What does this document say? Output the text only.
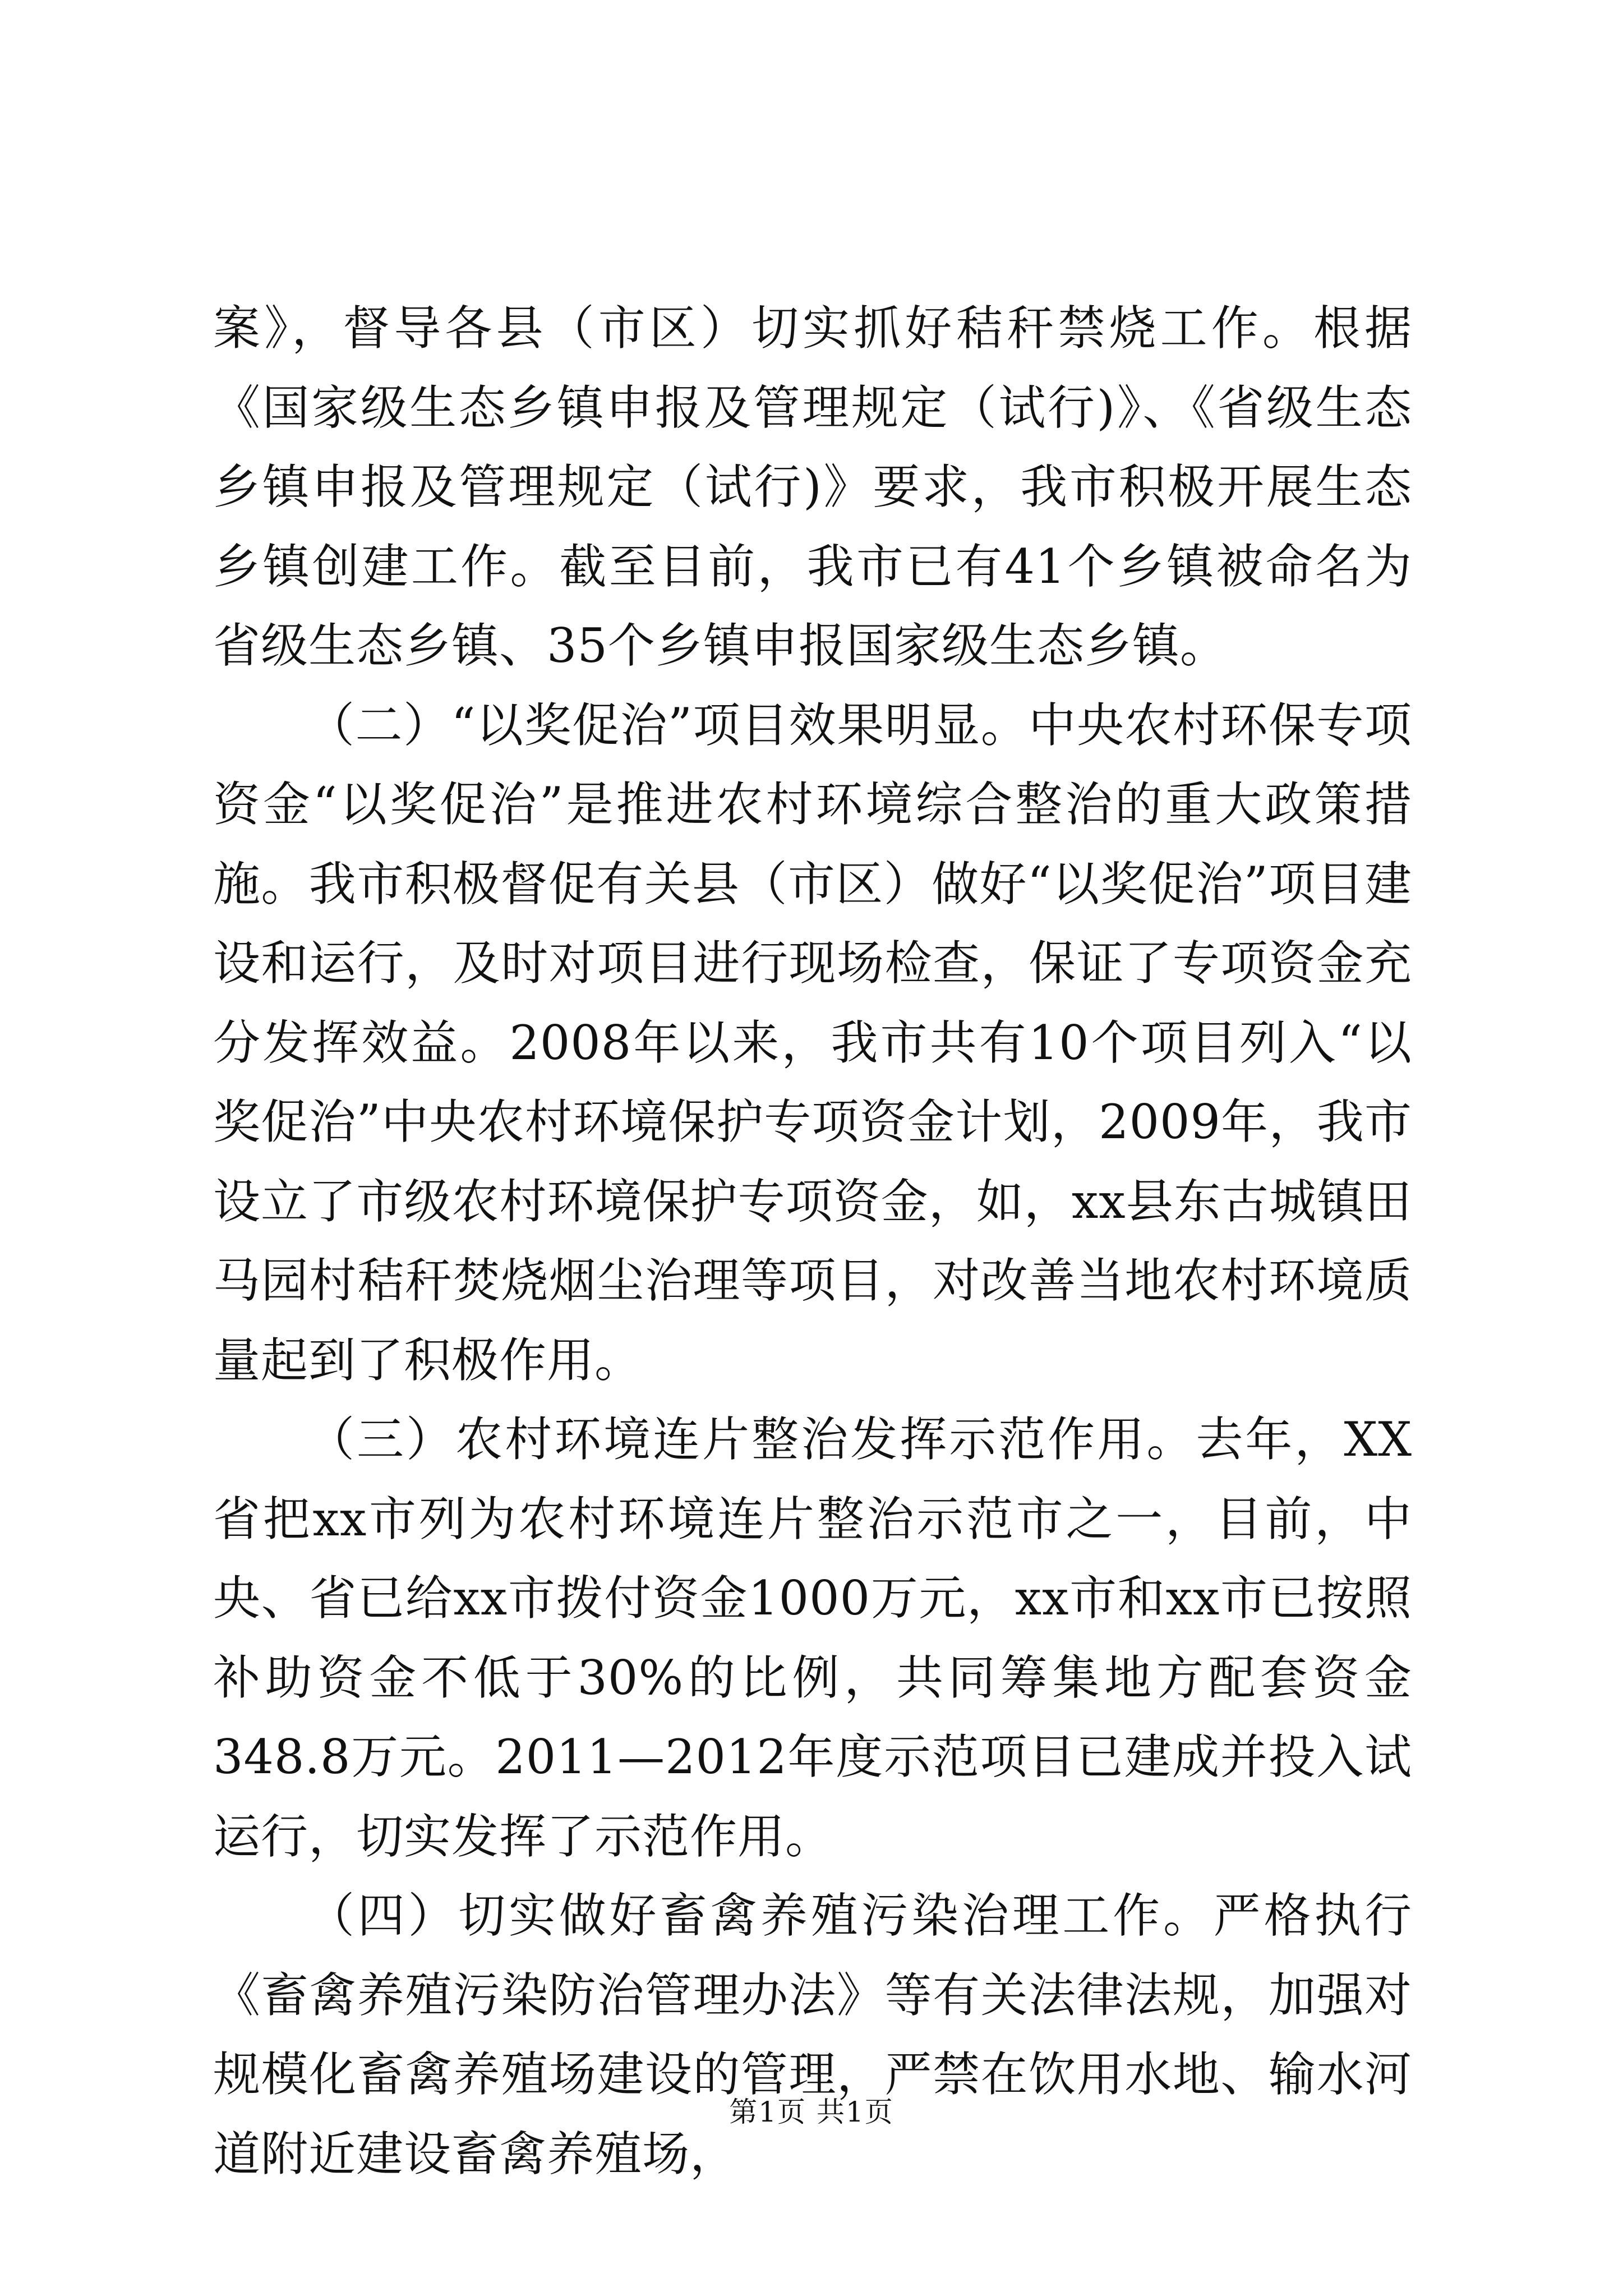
案》，督导各县（市区）切实抓好秸秆禁烧工作。根据《国家级生态乡镇申报及管理规定（试行)》、《省级生态乡镇申报及管理规定（试行)》要求，我市积极开展生态乡镇创建工作。截至目前，我市已有41个乡镇被命名为省级生态乡镇、35个乡镇申报国家级生态乡镇。

（二）“以奖促治”项目效果明显。中央农村环保专项资金“以奖促治”是推进农村环境综合整治的重大政策措施。我市积极督促有关县（市区）做好“以奖促治”项目建设和运行，及时对项目进行现场检查，保证了专项资金充分发挥效益。2008年以来，我市共有10个项目列入“以奖促治”中央农村环境保护专项资金计划，2009年，我市设立了市级农村环境保护专项资金，如，xx县东古城镇田马园村秸秆焚烧烟尘治理等项目，对改善当地农村环境质量起到了积极作用。

（三）农村环境连片整治发挥示范作用。去年，XX省把xx市列为农村环境连片整治示范市之一，目前，中央、省已给xx市拨付资金1000万元，xx市和xx市已按照补助资金不低于30%的比例，共同筹集地方配套资金348.8万元。2011—2012年度示范项目已建成并投入试运行，切实发挥了示范作用。

（四）切实做好畜禽养殖污染治理工作。严格执行《畜禽养殖污染防治管理办法》等有关法律法规，加强对规模化畜禽养殖场建设的管理，严禁在饮用水地、输水河道附近建设畜禽养殖场，

第1页 共1页
